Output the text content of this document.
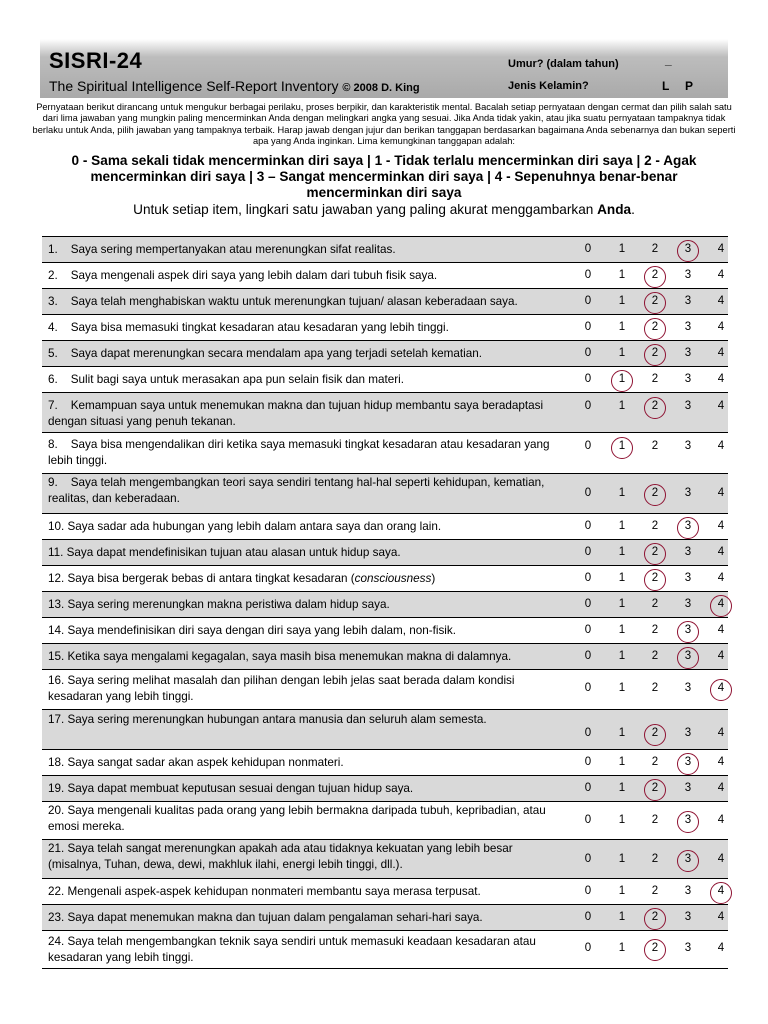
SISRI-24
The Spiritual Intelligence Self-Report Inventory © 2008 D. King
Umur? (dalam tahun)	_
Jenis Kelamin?	L P
Pernyataan berikut dirancang untuk mengukur berbagai perilaku, proses berpikir, dan karakteristik mental. Bacalah setiap pernyataan dengan cermat dan pilih salah satu dari lima jawaban yang mungkin paling mencerminkan Anda dengan melingkari angka yang sesuai. Jika Anda tidak yakin, atau jika suatu pernyataan tampaknya tidak berlaku untuk Anda, pilih jawaban yang tampaknya terbaik. Harap jawab dengan jujur dan berikan tanggapan berdasarkan bagaimana Anda sebenarnya dan bukan seperti apa yang Anda inginkan. Lima kemungkinan tanggapan adalah:
0 - Sama sekali tidak mencerminkan diri saya | 1 - Tidak terlalu mencerminkan diri saya | 2 - Agak mencerminkan diri saya | 3 – Sangat mencerminkan diri saya | 4 - Sepenuhnya benar-benar mencerminkan diri saya
Untuk setiap item, lingkari satu jawaban yang paling akurat menggambarkan Anda.
1.    Saya sering mempertanyakan atau merenungkan sifat realitas.	0	1	2	3	4
2.    Saya mengenali aspek diri saya yang lebih dalam dari tubuh fisik saya.	0	1	2	3	4
3.    Saya telah menghabiskan waktu untuk merenungkan tujuan/ alasan keberadaan saya.	0	1	2	3	4
4.    Saya bisa memasuki tingkat kesadaran atau kesadaran yang lebih tinggi.	0	1	2	3	4
5.    Saya dapat merenungkan secara mendalam apa yang terjadi setelah kematian.	0	1	2	3	4
6.    Sulit bagi saya untuk merasakan apa pun selain fisik dan materi.	0	1	2	3	4
7.    Kemampuan saya untuk menemukan makna dan tujuan hidup membantu saya beradaptasi dengan situasi yang penuh tekanan.
0	1	2	3	4
8.    Saya bisa mengendalikan diri ketika saya memasuki tingkat kesadaran atau kesadaran yang lebih tinggi.
0	1	2	3	4
9.    Saya telah mengembangkan teori saya sendiri tentang hal-hal seperti kehidupan, kematian, realitas, dan keberadaan.	0	1	2	3	4
10. Saya sadar ada hubungan yang lebih dalam antara saya dan orang lain.	0	1	2	3	4
11. Saya dapat mendefinisikan tujuan atau alasan untuk hidup saya.	0	1	2	3	4
12. Saya bisa bergerak bebas di antara tingkat kesadaran (consciousness)	0	1	2	3	4
13. Saya sering merenungkan makna peristiwa dalam hidup saya.	0	1	2	3	4
14. Saya mendefinisikan diri saya dengan diri saya yang lebih dalam, non-fisik.	0	1	2	3	4
15. Ketika saya mengalami kegagalan, saya masih bisa menemukan makna di dalamnya.	0	1	2	3	4
16. Saya sering melihat masalah dan pilihan dengan lebih jelas saat berada dalam kondisi kesadaran yang lebih tinggi.
0	1	2	3	4
17. Saya sering merenungkan hubungan antara manusia dan seluruh alam semesta.
0	1	2	3	4
18. Saya sangat sadar akan aspek kehidupan nonmateri.	0	1	2	3	4
19. Saya dapat membuat keputusan sesuai dengan tujuan hidup saya.	0	1	2	3	4
20. Saya mengenali kualitas pada orang yang lebih bermakna daripada tubuh, kepribadian, atau emosi mereka.	0	1	2	3	4
21. Saya telah sangat merenungkan apakah ada atau tidaknya kekuatan yang lebih besar (misalnya, Tuhan, dewa, dewi, makhluk ilahi, energi lebih tinggi, dll.).	0	1	2	3	4
22. Mengenali aspek-aspek kehidupan nonmateri membantu saya merasa terpusat.	0	1	2	3	4
23. Saya dapat menemukan makna dan tujuan dalam pengalaman sehari-hari saya.	0	1	2	3	4
24. Saya telah mengembangkan teknik saya sendiri untuk memasuki keadaan kesadaran atau kesadaran yang lebih tinggi.
0	1	2	3	4
